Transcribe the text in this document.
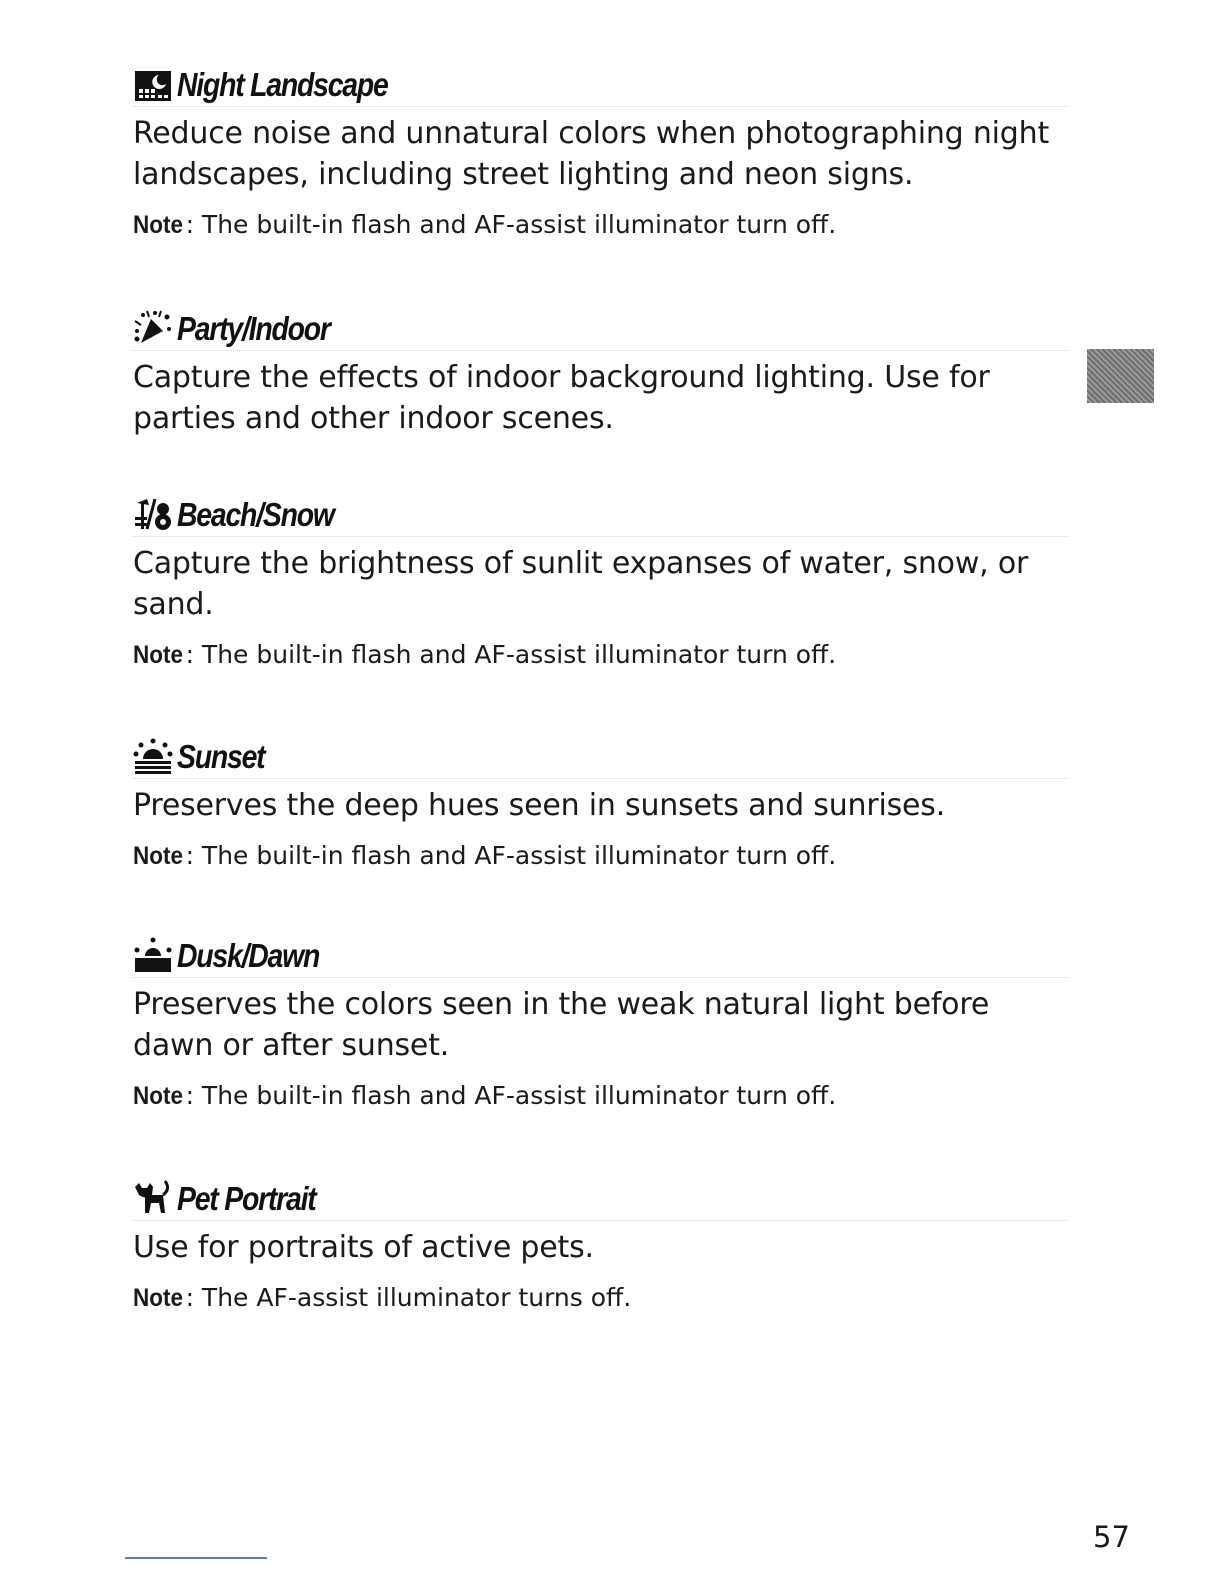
Night Landscape

Reduce noise and unnatural colors when photographing night landscapes, including street lighting and neon signs.

Note : The built-in flash and AF-assist illuminator turn off.

Party/Indoor

Capture the effects of indoor background lighting. Use for parties and other indoor scenes.

Beach/Snow

Capture the brightness of sunlit expanses of water, snow, or sand.

Note : The built-in flash and AF-assist illuminator turn off.

Sunset

Preserves the deep hues seen in sunsets and sunrises.

Note : The built-in flash and AF-assist illuminator turn off.

Dusk/Dawn

Preserves the colors seen in the weak natural light before dawn or after sunset.

Note : The built-in flash and AF-assist illuminator turn off.

Pet Portrait

Use for portraits of active pets.

Note : The AF-assist illuminator turns off.

57
